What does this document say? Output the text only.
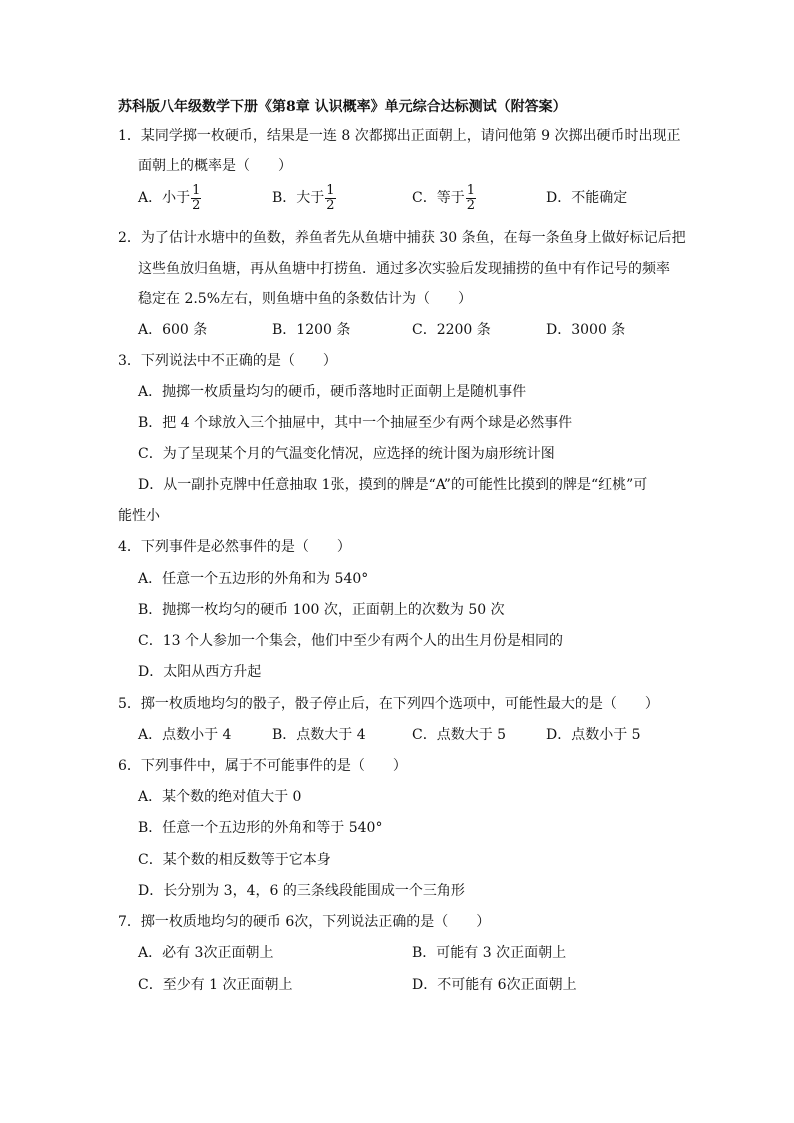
苏科版八年级数学下册《第8章 认识概率》单元综合达标测试（附答案）
1．某同学掷一枚硬币，结果是一连 8 次都掷出正面朝上，请问他第 9 次掷出硬币时出现正
面朝上的概率是（　　）
A．小于 $\frac{1}{2}$	B．大于 $\frac{1}{2}$	C．等于 $\frac{1}{2}$	D．不能确定
2．为了估计水塘中的鱼数，养鱼者先从鱼塘中捕获 30 条鱼，在每一条鱼身上做好标记后把
这些鱼放归鱼塘，再从鱼塘中打捞鱼．通过多次实验后发现捕捞的鱼中有作记号的频率
稳定在 2.5%左右，则鱼塘中鱼的条数估计为（　　）
A．600 条	B．1200 条	C．2200 条	D．3000 条
3．下列说法中不正确的是（　　）
A．抛掷一枚质量均匀的硬币，硬币落地时正面朝上是随机事件
B．把 4 个球放入三个抽屉中，其中一个抽屉至少有两个球是必然事件
C．为了呈现某个月的气温变化情况，应选择的统计图为扇形统计图
D．从一副扑克牌中任意抽取 1张，摸到的牌是“A”的可能性比摸到的牌是“红桃”可
能性小
4．下列事件是必然事件的是（　　）
A．任意一个五边形的外角和为 540°
B．抛掷一枚均匀的硬币 100 次，正面朝上的次数为 50 次
C．13 个人参加一个集会，他们中至少有两个人的出生月份是相同的
D．太阳从西方升起
5．掷一枚质地均匀的骰子，骰子停止后，在下列四个选项中，可能性最大的是（　　）
A．点数小于 4	B．点数大于 4	C．点数大于 5	D．点数小于 5
6．下列事件中，属于不可能事件的是（　　）
A．某个数的绝对值大于 0
B．任意一个五边形的外角和等于 540°
C．某个数的相反数等于它本身
D．长分别为 3，4，6 的三条线段能围成一个三角形
7．掷一枚质地均匀的硬币 6次，下列说法正确的是（　　）
A．必有 3次正面朝上	B．可能有 3 次正面朝上
C．至少有 1 次正面朝上	D．不可能有 6次正面朝上
